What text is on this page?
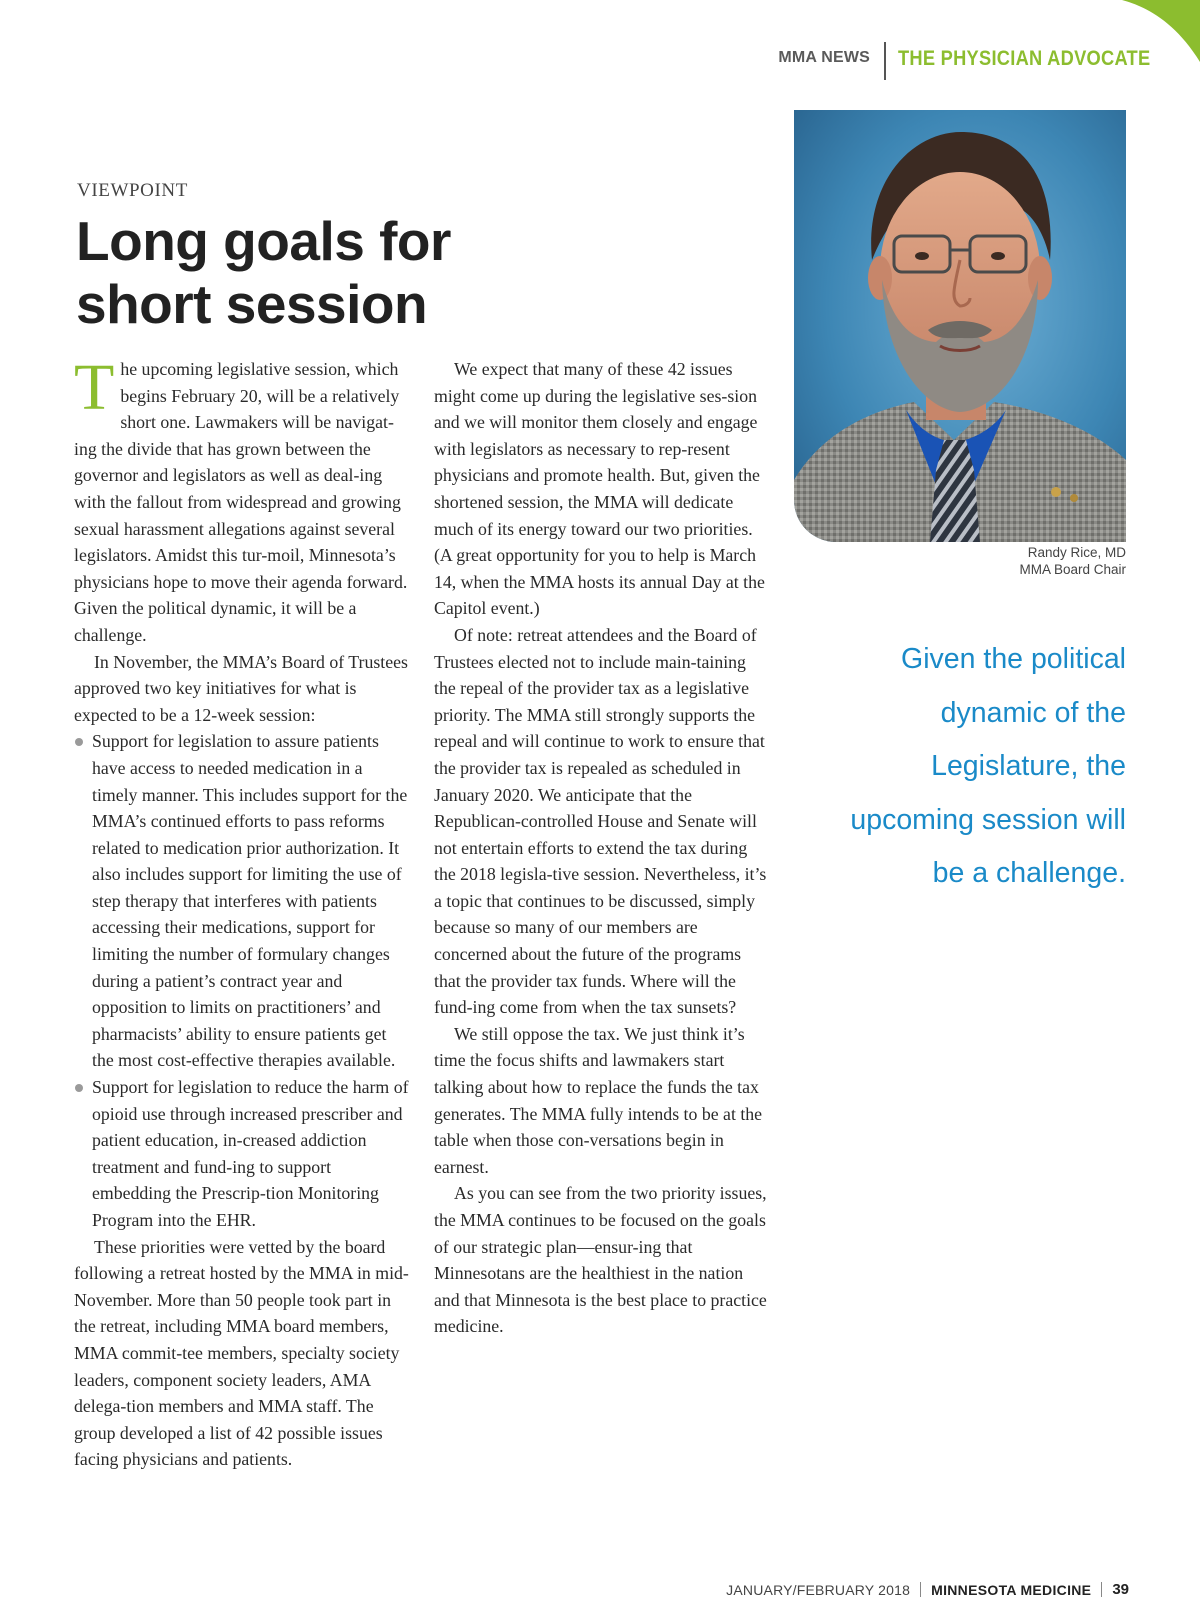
MMA NEWS	THE PHYSICIAN ADVOCATE
VIEWPOINT
Long goals for
short session

The upcoming legislative session, which begins February 20, will be a relatively short one. Lawmakers will be navigat-ing the divide that has grown between the governor and legislators as well as deal-ing with the fallout from widespread and growing sexual harassment allegations against several legislators. Amidst this tur-moil, Minnesota’s physicians hope to move their agenda forward. Given the political dynamic, it will be a challenge.

In November, the MMA’s Board of Trustees approved two key initiatives for what is expected to be a 12-week session:

Support for legislation to assure patients have access to needed medication in a timely manner. This includes support for the MMA’s continued efforts to pass reforms related to medication prior authorization. It also includes support for limiting the use of step therapy that interferes with patients accessing their medications, support for limiting the number of formulary changes during a patient’s contract year and opposition to limits on practitioners’ and pharmacists’ ability to ensure patients get the most cost-effective therapies available.
Support for legislation to reduce the harm of opioid use through increased prescriber and patient education, in-creased addiction treatment and fund-ing to support embedding the Prescrip-tion Monitoring Program into the EHR.

These priorities were vetted by the board following a retreat hosted by the MMA in mid-November. More than 50 people took part in the retreat, including MMA board members, MMA commit-tee members, specialty society leaders, component society leaders, AMA delega-tion members and MMA staff. The group developed a list of 42 possible issues facing physicians and patients.

We expect that many of these 42 issues might come up during the legislative ses-sion and we will monitor them closely and engage with legislators as necessary to rep-resent physicians and promote health. But, given the shortened session, the MMA will dedicate much of its energy toward our two priorities. (A great opportunity for you to help is March 14, when the MMA hosts its annual Day at the Capitol event.)

Of note: retreat attendees and the Board of Trustees elected not to include main-taining the repeal of the provider tax as a legislative priority. The MMA still strongly supports the repeal and will continue to work to ensure that the provider tax is repealed as scheduled in January 2020. We anticipate that the Republican-controlled House and Senate will not entertain efforts to extend the tax during the 2018 legisla-tive session. Nevertheless, it’s a topic that continues to be discussed, simply because so many of our members are concerned about the future of the programs that the provider tax funds. Where will the fund-ing come from when the tax sunsets?

We still oppose the tax. We just think it’s time the focus shifts and lawmakers start talking about how to replace the funds the tax generates. The MMA fully intends to be at the table when those con-versations begin in earnest.

As you can see from the two priority issues, the MMA continues to be focused on the goals of our strategic plan—ensur-ing that Minnesotans are the healthiest in the nation and that Minnesota is the best place to practice medicine.

Randy Rice, MD
MMA Board Chair
Given the political dynamic of the Legislature, the upcoming session will be a challenge.
JANUARY/FEBRUARY 2018 MINNESOTA MEDICINE 39
